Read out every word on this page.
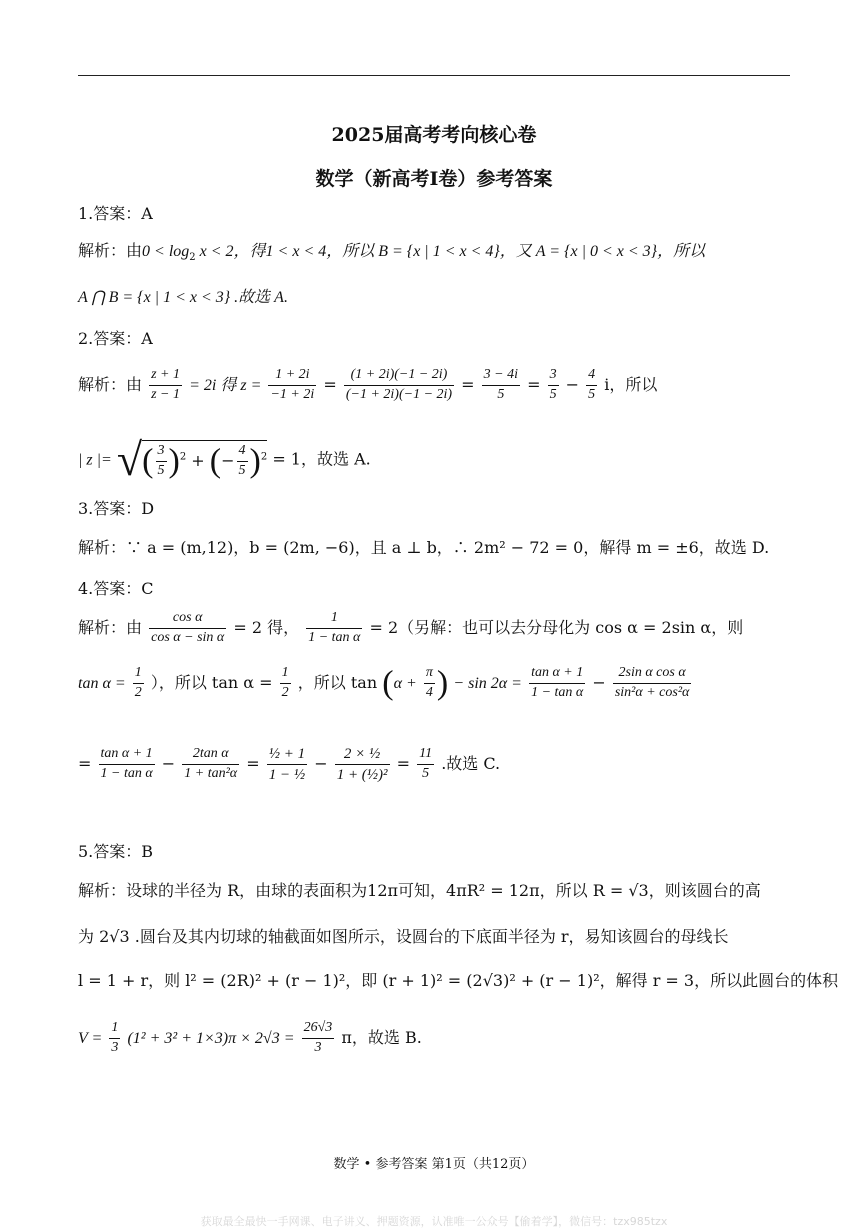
2025届高考考向核心卷
数学（新高考Ⅰ卷）参考答案
1.答案：A
解析：由$0 < \log_2 x < 2$，得1 < x < 4，所以 B = {x | 1 < x < 4}，又 A = {x | 0 < x < 3}，所以
A ⋂ B = {x | 1 < x < 3} .故选 A.
2.答案：A
解析：由 $\frac{z + 1}{z - 1} = 2i$ 得 $z = \frac{1 + 2i}{-1 + 2i} = \frac{(1 + 2i)(-1 - 2i)}{(-1 + 2i)(-1 - 2i)} = \frac{3 - 4i}{5} = \frac{3}{5} - \frac{4}{5}$ i，所以
| z |= √( $\frac{3}{5} )^2$ + (− $\frac{4}{5} )^2 = 1$，故选 A.
3.答案：D
解析：∵ a = (m,12)，b = (2m, −6)，且 a ⊥ b，∴ 2m² − 72 = 0，解得 m = ±6，故选 D.
4.答案：C
解析：由 $\frac{\text{cos α}}{\text{cos α − sin α}} = 2$ 得， $\frac{1}{\text{1 − tan α}} = 2$（另解：也可以去分母化为 cos α = 2sin α，则
$\tan \alpha = \frac{1}{2}$ ），所以 $\tan \alpha = \frac{1}{2}$ ，所以 $\tan (\alpha + \frac{\pi}{4}$ ) − $\sin 2\alpha = \frac{\text{tan α + 1}}{\text{1 − tan α}} - \frac{\text{2sin α cos α}}{\text{sin²α + cos²α}}$
= $\frac{\text{tan α + 1}}{\text{1 − tan α}} - \frac{\text{2tan α}}{\text{1 + tan²α}} = \frac{\text{½ + 1}}{\text{1 − ½}} - \frac{\text{2 × ½}}{\text{1 + (½)²}} = \frac{11}{5}$ .故选 C.
5.答案：B
解析：设球的半径为 R，由球的表面积为12π可知，4πR² = 12π，所以 R = √3，则该圆台的高
为 2√3 .圆台及其内切球的轴截面如图所示，设圆台的下底面半径为 r，易知该圆台的母线长
l = 1 + r，则 l² = (2R)² + (r − 1)²，即 (r + 1)² = (2√3)² + (r − 1)²，解得 r = 3，所以此圆台的体积
$V = \frac{1}{3} (1^2 + 3^2 + 1\times 3)\pi \times 2√3 = \frac{26√3}{3}$ π，故选 B.
数学 • 参考答案 第1页（共12页）
获取最全最快一手网课、电子讲义、押题资源，认准唯一公众号【偷着学】，微信号：tzx985tzx
